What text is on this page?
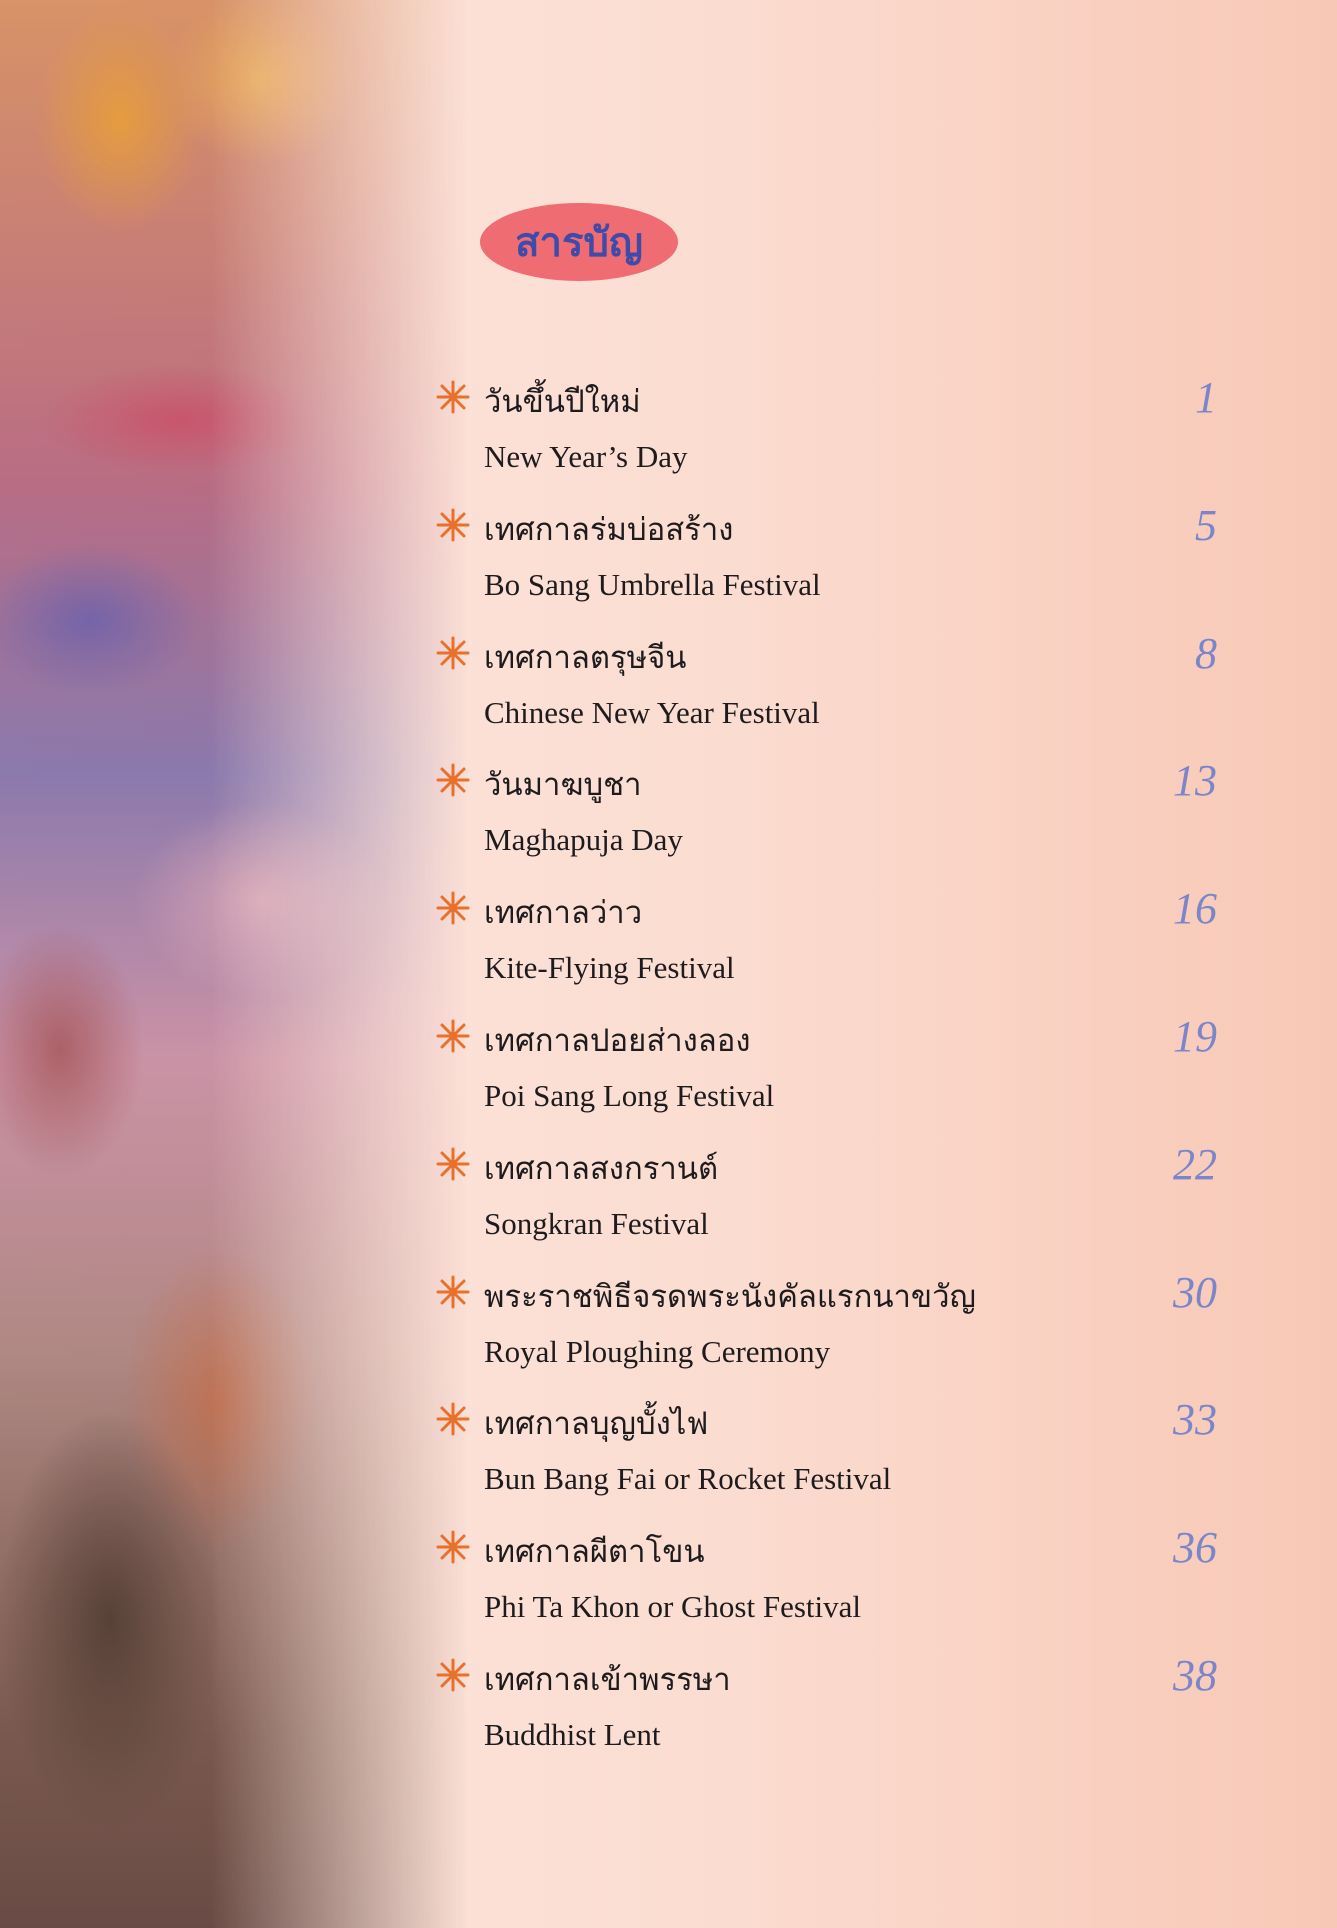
สารบัญ
วันขึ้นปีใหม่	1
New Year’s Day
เทศกาลร่มบ่อสร้าง	5
Bo Sang Umbrella Festival
เทศกาลตรุษจีน	8
Chinese New Year Festival
วันมาฆบูชา	13
Maghapuja Day
เทศกาลว่าว	16
Kite-Flying Festival
เทศกาลปอยส่างลอง	19
Poi Sang Long Festival
เทศกาลสงกรานต์	22
Songkran Festival
พระราชพิธีจรดพระนังคัลแรกนาขวัญ	30
Royal Ploughing Ceremony
เทศกาลบุญบั้งไฟ	33
Bun Bang Fai or Rocket Festival
เทศกาลผีตาโขน	36
Phi Ta Khon or Ghost Festival
เทศกาลเข้าพรรษา	38
Buddhist Lent
